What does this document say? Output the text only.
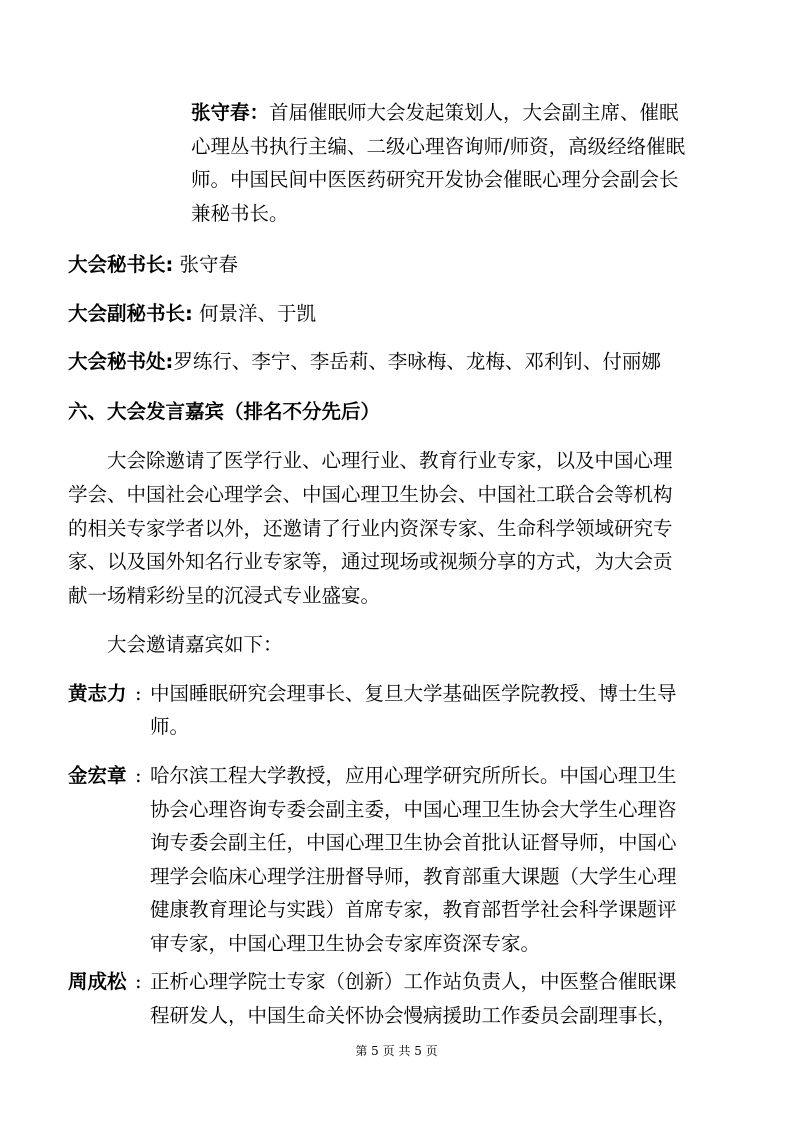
张守春：首届催眠师大会发起策划人，大会副主席、催眠
心理丛书执行主编、二级心理咨询师∕师资，高级经络催眠
师。中国民间中医医药研究开发协会催眠心理分会副会长
兼秘书长。
大会秘书长: 张守春
大会副秘书长: 何景洋、于凯
大会秘书处:罗练行、李宁、李岳莉、李咏梅、龙梅、邓利钊、付丽娜
六、大会发言嘉宾（排名不分先后）
大会除邀请了医学行业、心理行业、教育行业专家，以及中国心理
学会、中国社会心理学会、中国心理卫生协会、中国社工联合会等机构
的相关专家学者以外，还邀请了行业内资深专家、生命科学领域研究专
家、以及国外知名行业专家等，通过现场或视频分享的方式，为大会贡
献一场精彩纷呈的沉浸式专业盛宴。
大会邀请嘉宾如下：
黄志力 : 中国睡眠研究会理事长、复旦大学基础医学院教授、博士生导
师。
金宏章 : 哈尔滨工程大学教授，应用心理学研究所所长。中国心理卫生
协会心理咨询专委会副主委，中国心理卫生协会大学生心理咨
询专委会副主任，中国心理卫生协会首批认证督导师，中国心
理学会临床心理学注册督导师，教育部重大课题（大学生心理
健康教育理论与实践）首席专家，教育部哲学社会科学课题评
审专家，中国心理卫生协会专家库资深专家。
周成松 : 正析心理学院士专家（创新）工作站负责人，中医整合催眠课
程研发人，中国生命关怀协会慢病援助工作委员会副理事长，
第 5 页 共 5 页
